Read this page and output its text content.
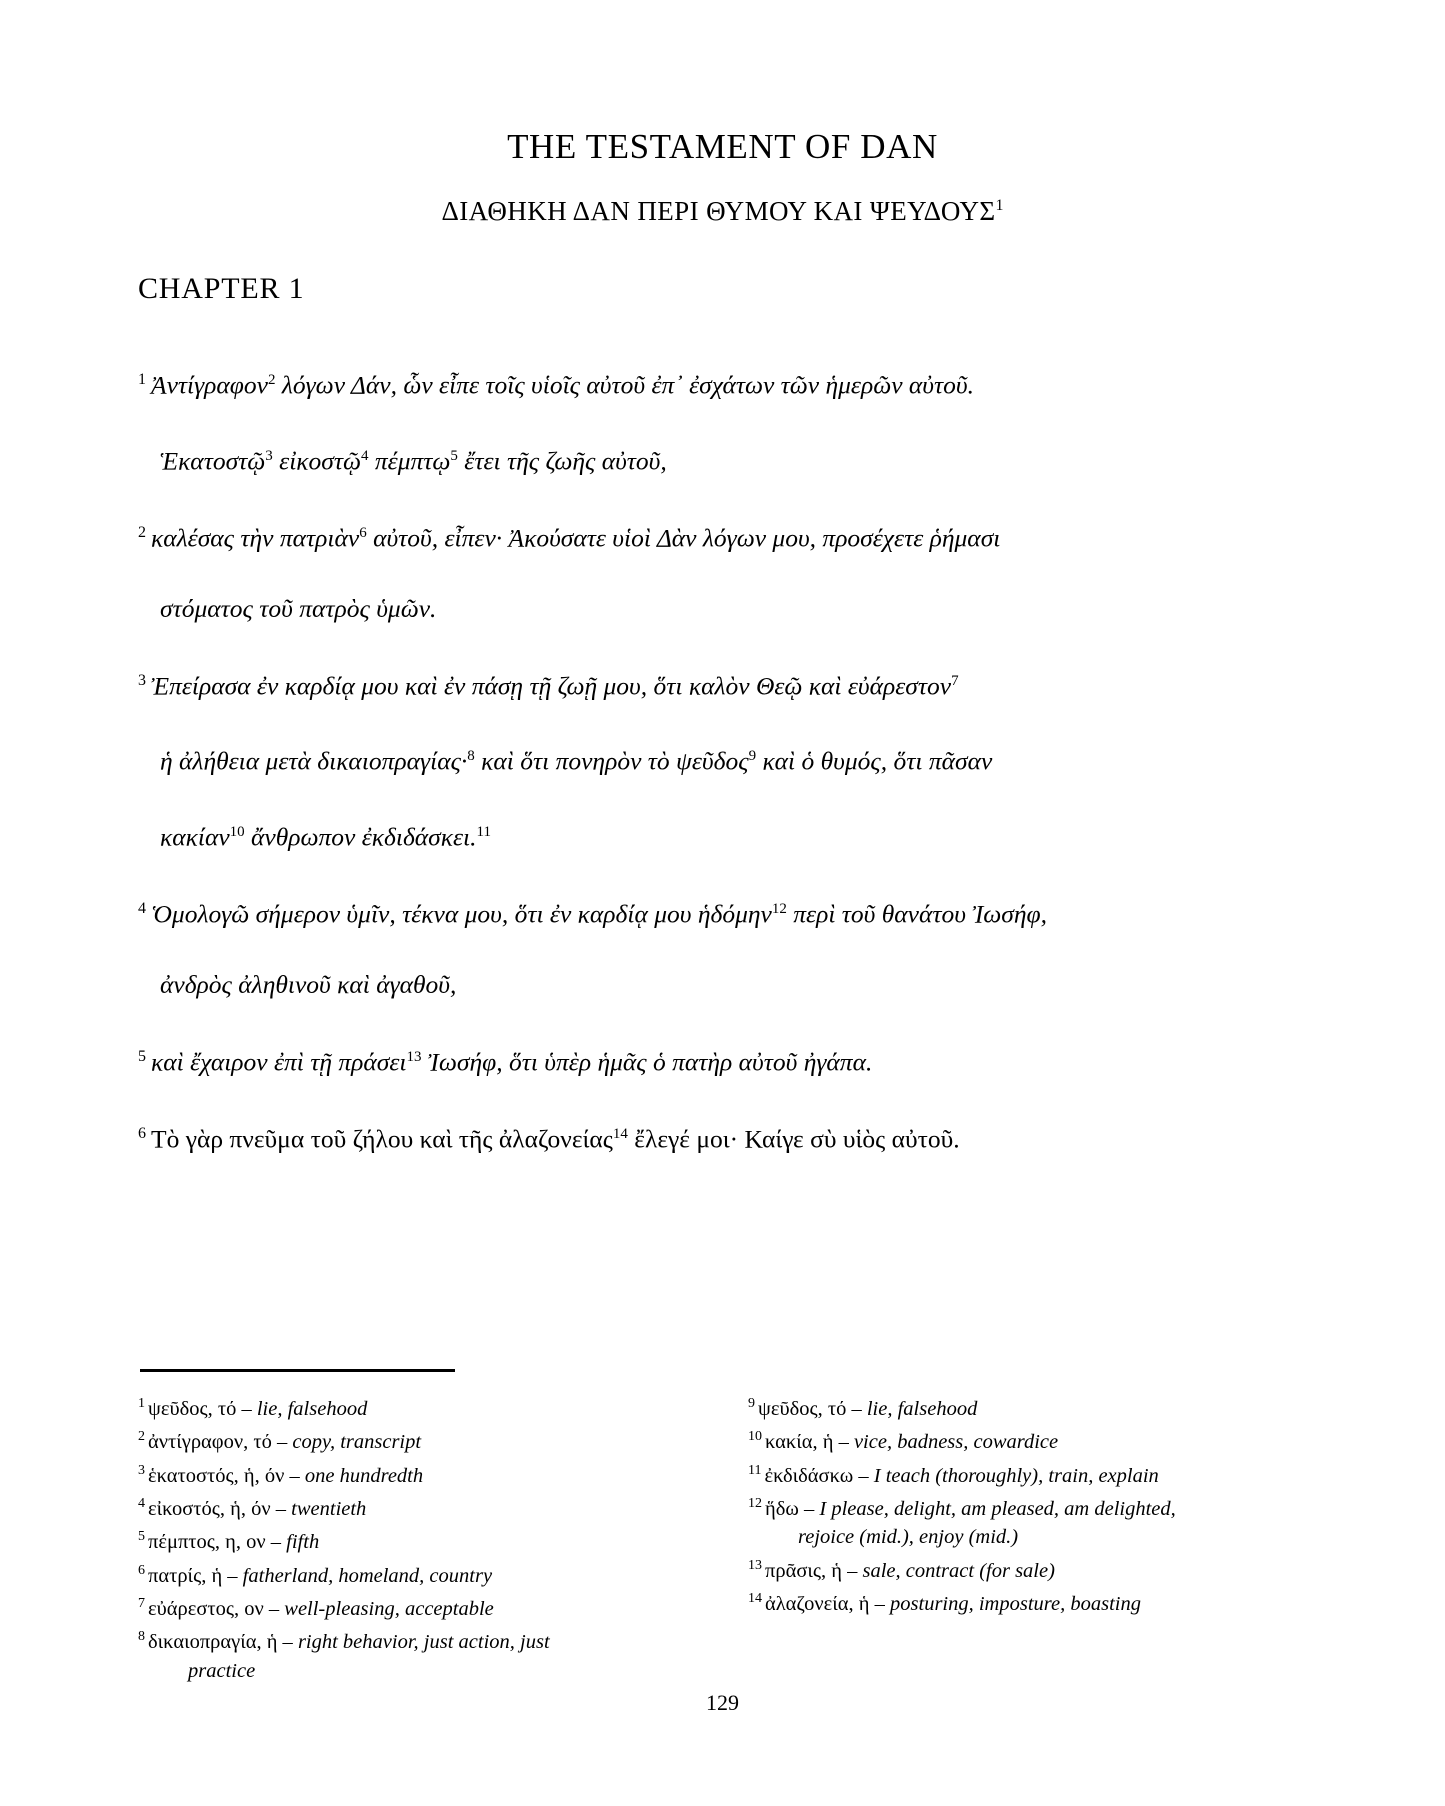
THE TESTAMENT OF DAN
ΔΙΑΘΗΚΗ ΔΑΝ ΠΕΡΙ ΘΥΜΟΥ ΚΑΙ ΨΕΥΔΟΥΣ$^1$
CHAPTER 1
$^1$ Ἀντίγραφον$^2$ λόγων Δάν, ὧν εἶπε τοῖς υἱοῖς αὐτοῦ ἐπ᾽ ἐσχάτων τῶν ἡμερῶν αὐτοῦ.
Ἑκατοστῷ$^3$ εἰκοστῷ$^4$ πέμπτῳ$^5$ ἔτει τῆς ζωῆς αὐτοῦ,
$^2$ καλέσας τὴν πατριὰν$^6$ αὐτοῦ, εἶπεν· Ἀκούσατε υἱοὶ Δὰν λόγων μου, προσέχετε ῥήμασι
στόματος τοῦ πατρὸς ὑμῶν.
$^3$ Ἐπείρασα ἐν καρδίᾳ μου καὶ ἐν πάσῃ τῇ ζωῇ μου, ὅτι καλὸν Θεῷ καὶ εὐάρεστον$^7$
ἡ ἀλήθεια μετὰ δικαιοπραγίας·$^8$ καὶ ὅτι πονηρὸν τὸ ψεῦδος$^9$ καὶ ὁ θυμός, ὅτι πᾶσαν
κακίαν$^{10}$ ἄνθρωπον ἐκδιδάσκει.$^{11}$
$^4$ Ὁμολογῶ σήμερον ὑμῖν, τέκνα μου, ὅτι ἐν καρδίᾳ μου ἡδόμην$^{12}$ περὶ τοῦ θανάτου Ἰωσήφ,
ἀνδρὸς ἀληθινοῦ καὶ ἀγαθοῦ,
$^5$ καὶ ἔχαιρον ἐπὶ τῇ πράσει$^{13}$ Ἰωσήφ, ὅτι ὑπὲρ ἡμᾶς ὁ πατὴρ αὐτοῦ ἠγάπα.
$^6$ Τὸ γὰρ πνεῦμα τοῦ ζήλου καὶ τῆς ἀλαζονείας$^{14}$ ἔλεγέ μοι· Καίγε σὺ υἱὸς αὐτοῦ.
$^1$ ψεῦδος, τό – lie, falsehood
$^2$ ἀντίγραφον, τό – copy, transcript
$^3$ ἑκατοστός, ἡ, όν – one hundredth
$^4$ εἰκοστός, ἡ, όν – twentieth
$^5$ πέμπτος, η, ον – fifth
$^6$ πατρίς, ἡ – fatherland, homeland, country
$^7$ εὐάρεστος, ον – well-pleasing, acceptable
$^8$ δικαιοπραγία, ἡ – right behavior, just action, just
practice
$^9$ ψεῦδος, τό – lie, falsehood
$^{10}$ κακία, ἡ – vice, badness, cowardice
$^{11}$ ἐκδιδάσκω – I teach (thoroughly), train, explain
$^{12}$ ἥδω – I please, delight, am pleased, am delighted,
rejoice (mid.), enjoy (mid.)
$^{13}$ πρᾶσις, ἡ – sale, contract (for sale)
$^{14}$ ἀλαζονεία, ἡ – posturing, imposture, boasting
129
